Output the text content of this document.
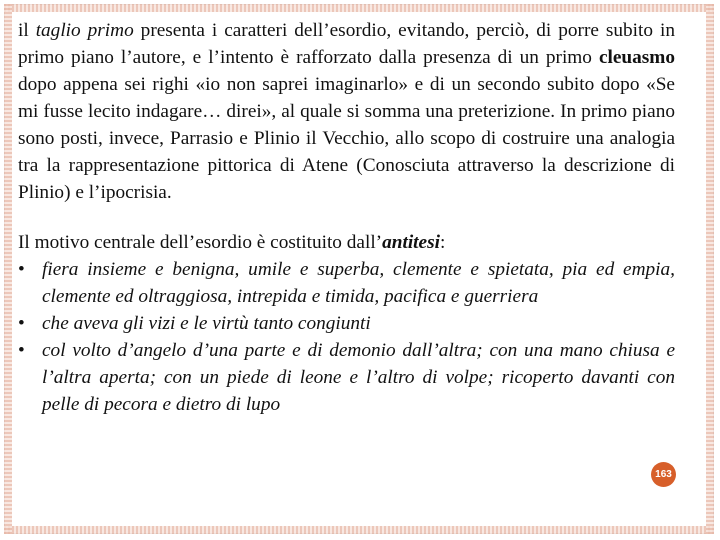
il taglio primo presenta i caratteri dell’esordio, evitando, perciò, di porre subito in primo piano l’autore, e l’intento è rafforzato dalla presenza di un primo cleuasmo dopo appena sei righi «io non saprei imaginarlo» e di un secondo subito dopo «Se mi fusse lecito indagare… direi», al quale si somma una preterizione. In primo piano sono posti, invece, Parrasio e Plinio il Vecchio, allo scopo di costruire una analogia tra la rappresentazione pittorica di Atene (Conosciuta attraverso la descrizione di Plinio) e l’ipocrisia.

Il motivo centrale dell’esordio è costituito dall’antitesi:

• fiera insieme e benigna, umile e superba, clemente e spietata, pia ed empia, clemente ed oltraggiosa, intrepida e timida, pacifica e guerriera
• che aveva gli vizi e le virtù tanto congiunti
• col volto d’angelo d’una parte e di demonio dall’altra; con una mano chiusa e l’altra aperta; con un piede di leone e l’altro di volpe; ricoperto davanti con pelle di pecora e dietro di lupo
163
